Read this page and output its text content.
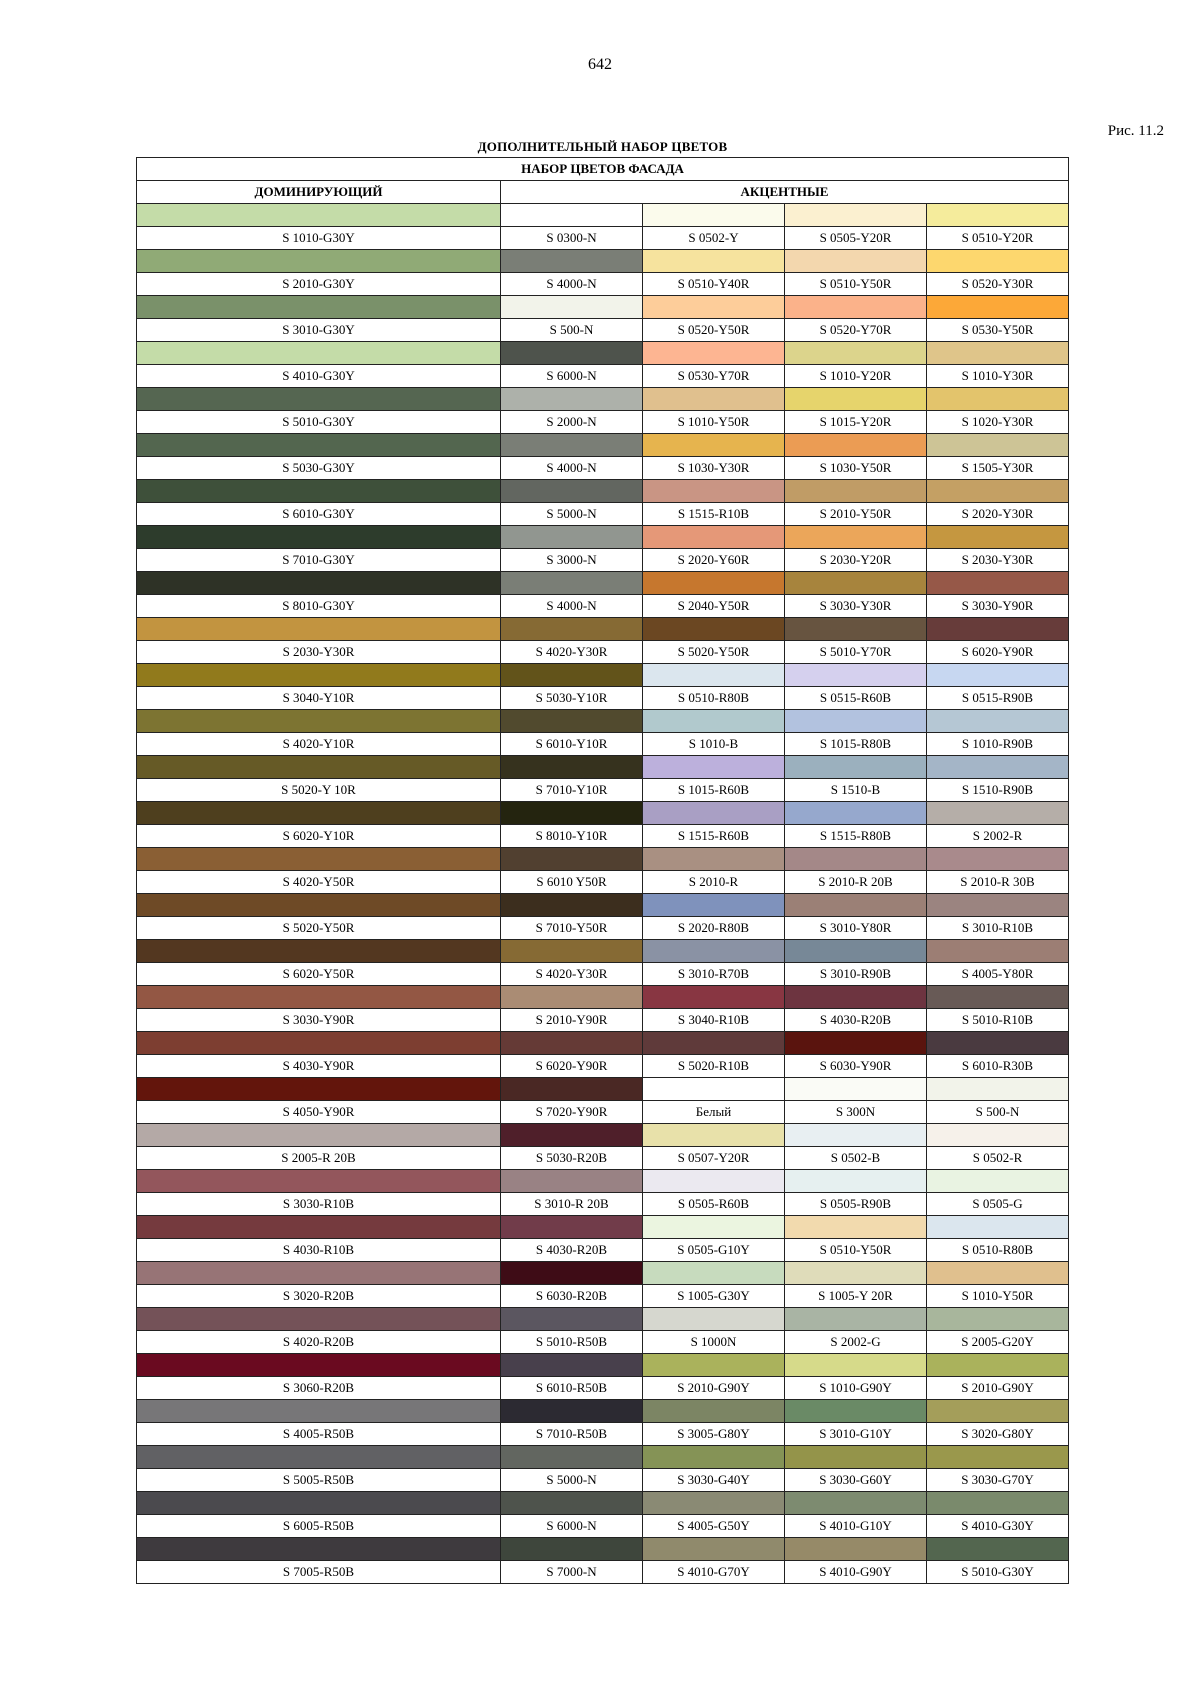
642
Рис. 11.2
ДОПОЛНИТЕЛЬНЫЙ НАБОР ЦВЕТОВ
НАБОР ЦВЕТОВ ФАСАДА				
ДОМИНИРУЮЩИЙ	АКЦЕНТНЫЕ			

S 1010-G30Y	S 0300-N	S 0502-Y	S 0505-Y20R	S 0510-Y20R

S 2010-G30Y	S 4000-N	S 0510-Y40R	S 0510-Y50R	S 0520-Y30R

S 3010-G30Y	S 500-N	S 0520-Y50R	S 0520-Y70R	S 0530-Y50R

S 4010-G30Y	S 6000-N	S 0530-Y70R	S 1010-Y20R	S 1010-Y30R

S 5010-G30Y	S 2000-N	S 1010-Y50R	S 1015-Y20R	S 1020-Y30R

S 5030-G30Y	S 4000-N	S 1030-Y30R	S 1030-Y50R	S 1505-Y30R

S 6010-G30Y	S 5000-N	S 1515-R10B	S 2010-Y50R	S 2020-Y30R

S 7010-G30Y	S 3000-N	S 2020-Y60R	S 2030-Y20R	S 2030-Y30R

S 8010-G30Y	S 4000-N	S 2040-Y50R	S 3030-Y30R	S 3030-Y90R

S 2030-Y30R	S 4020-Y30R	S 5020-Y50R	S 5010-Y70R	S 6020-Y90R

S 3040-Y10R	S 5030-Y10R	S 0510-R80B	S 0515-R60B	S 0515-R90B

S 4020-Y10R	S 6010-Y10R	S 1010-B	S 1015-R80B	S 1010-R90B

S 5020-Y 10R	S 7010-Y10R	S 1015-R60B	S 1510-B	S 1510-R90B

S 6020-Y10R	S 8010-Y10R	S 1515-R60B	S 1515-R80B	S 2002-R

S 4020-Y50R	S 6010 Y50R	S 2010-R	S 2010-R 20B	S 2010-R 30B

S 5020-Y50R	S 7010-Y50R	S 2020-R80B	S 3010-Y80R	S 3010-R10B

S 6020-Y50R	S 4020-Y30R	S 3010-R70B	S 3010-R90B	S 4005-Y80R

S 3030-Y90R	S 2010-Y90R	S 3040-R10B	S 4030-R20B	S 5010-R10B

S 4030-Y90R	S 6020-Y90R	S 5020-R10B	S 6030-Y90R	S 6010-R30B

S 4050-Y90R	S 7020-Y90R	Белый	S 300N	S 500-N

S 2005-R 20B	S 5030-R20B	S 0507-Y20R	S 0502-B	S 0502-R

S 3030-R10B	S 3010-R 20B	S 0505-R60B	S 0505-R90B	S 0505-G

S 4030-R10B	S 4030-R20B	S 0505-G10Y	S 0510-Y50R	S 0510-R80B

S 3020-R20B	S 6030-R20B	S 1005-G30Y	S 1005-Y 20R	S 1010-Y50R

S 4020-R20B	S 5010-R50B	S 1000N	S 2002-G	S 2005-G20Y

S 3060-R20B	S 6010-R50B	S 2010-G90Y	S 1010-G90Y	S 2010-G90Y

S 4005-R50B	S 7010-R50B	S 3005-G80Y	S 3010-G10Y	S 3020-G80Y

S 5005-R50B	S 5000-N	S 3030-G40Y	S 3030-G60Y	S 3030-G70Y

S 6005-R50B	S 6000-N	S 4005-G50Y	S 4010-G10Y	S 4010-G30Y

S 7005-R50B	S 7000-N	S 4010-G70Y	S 4010-G90Y	S 5010-G30Y
